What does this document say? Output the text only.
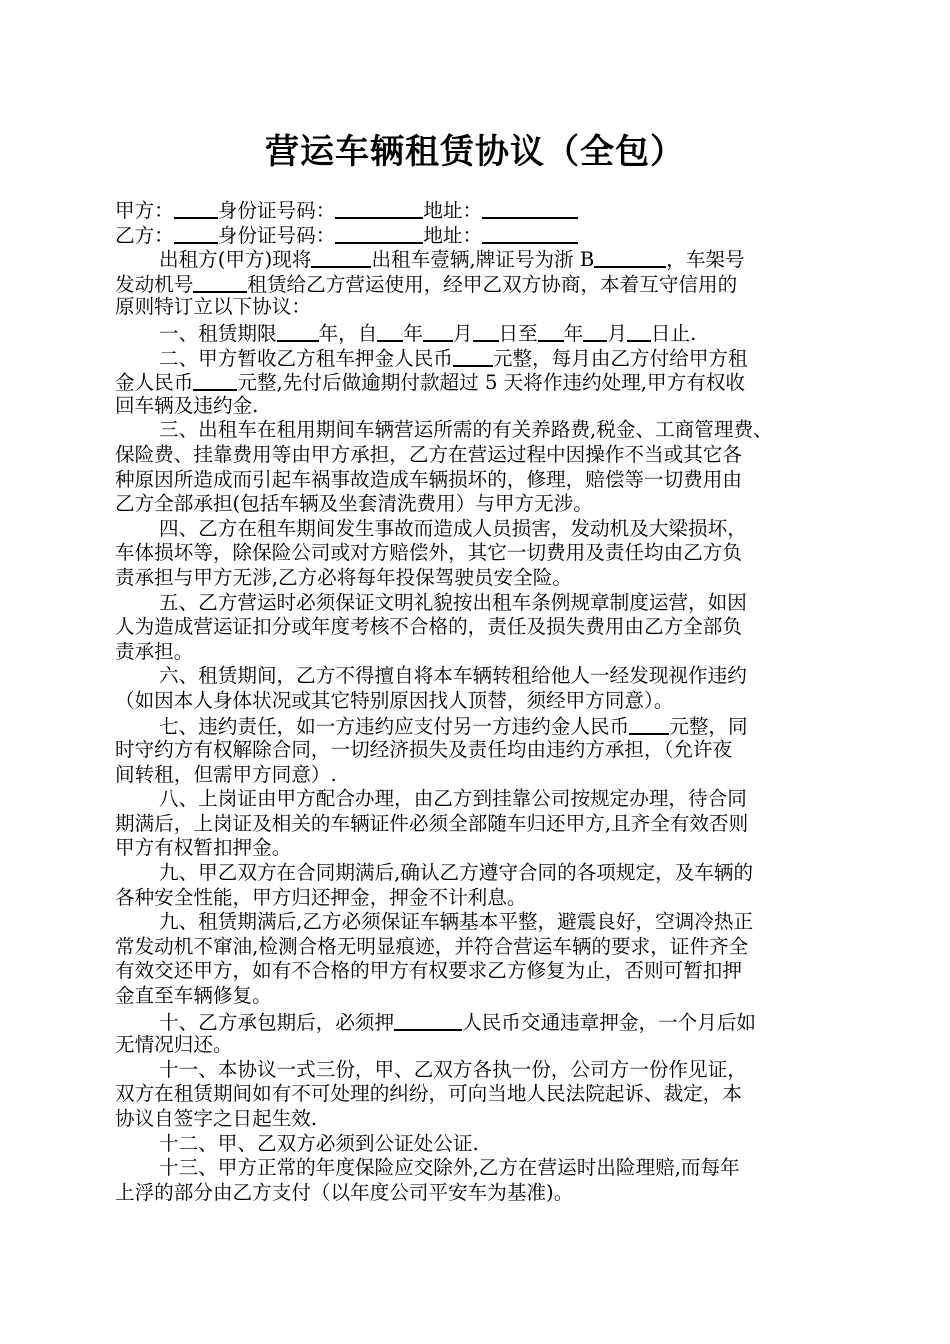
营运车辆租赁协议（全包）
甲方： 身份证号码：	地址：
乙方： 身份证号码：	地址：
出租方(甲方)现将	出租车壹辆,牌证号为浙 B	，车架号
发动机号	租赁给乙方营运使用，经甲乙双方协商，本着互守信用的
原则特订立以下协议：
一、租赁期限 年，自 年 月 日至 年 月 日止.
二、甲方暂收乙方租车押金人民币 元整，每月由乙方付给甲方租
金人民币 元整,先付后做逾期付款超过 5 天将作违约处理,甲方有权收
回车辆及违约金.
三、出租车在租用期间车辆营运所需的有关养路费,税金、工商管理费、
保险费、挂靠费用等由甲方承担，乙方在营运过程中因操作不当或其它各
种原因所造成而引起车祸事故造成车辆损坏的，修理，赔偿等一切费用由
乙方全部承担(包括车辆及坐套清洗费用）与甲方无涉。
四、乙方在租车期间发生事故而造成人员损害，发动机及大梁损坏，
车体损坏等，除保险公司或对方赔偿外，其它一切费用及责任均由乙方负
责承担与甲方无涉,乙方必将每年投保驾驶员安全险。
五、乙方营运时必须保证文明礼貌按出租车条例规章制度运营，如因
人为造成营运证扣分或年度考核不合格的，责任及损失费用由乙方全部负
责承担。
六、租赁期间，乙方不得擅自将本车辆转租给他人一经发现视作违约
（如因本人身体状况或其它特别原因找人顶替，须经甲方同意）。
七、违约责任，如一方违约应支付另一方违约金人民币 元整，同
时守约方有权解除合同，一切经济损失及责任均由违约方承担，（允许夜
间转租，但需甲方同意）.
八、上岗证由甲方配合办理，由乙方到挂靠公司按规定办理，待合同
期满后，上岗证及相关的车辆证件必须全部随车归还甲方,且齐全有效否则
甲方有权暂扣押金。
九、甲乙双方在合同期满后,确认乙方遵守合同的各项规定，及车辆的
各种安全性能，甲方归还押金，押金不计利息。
九、租赁期满后,乙方必须保证车辆基本平整，避震良好，空调冷热正
常发动机不窜油,检测合格无明显痕迹，并符合营运车辆的要求，证件齐全
有效交还甲方，如有不合格的甲方有权要求乙方修复为止，否则可暂扣押
金直至车辆修复。
十、乙方承包期后，必须押	人民币交通违章押金，一个月后如
无情况归还。
十一、本协议一式三份，甲、乙双方各执一份，公司方一份作见证，
双方在租赁期间如有不可处理的纠纷，可向当地人民法院起诉、裁定，本
协议自签字之日起生效.
十二、甲、乙双方必须到公证处公证.
十三、甲方正常的年度保险应交除外,乙方在营运时出险理赔,而每年
上浮的部分由乙方支付（以年度公司平安车为基准)。
